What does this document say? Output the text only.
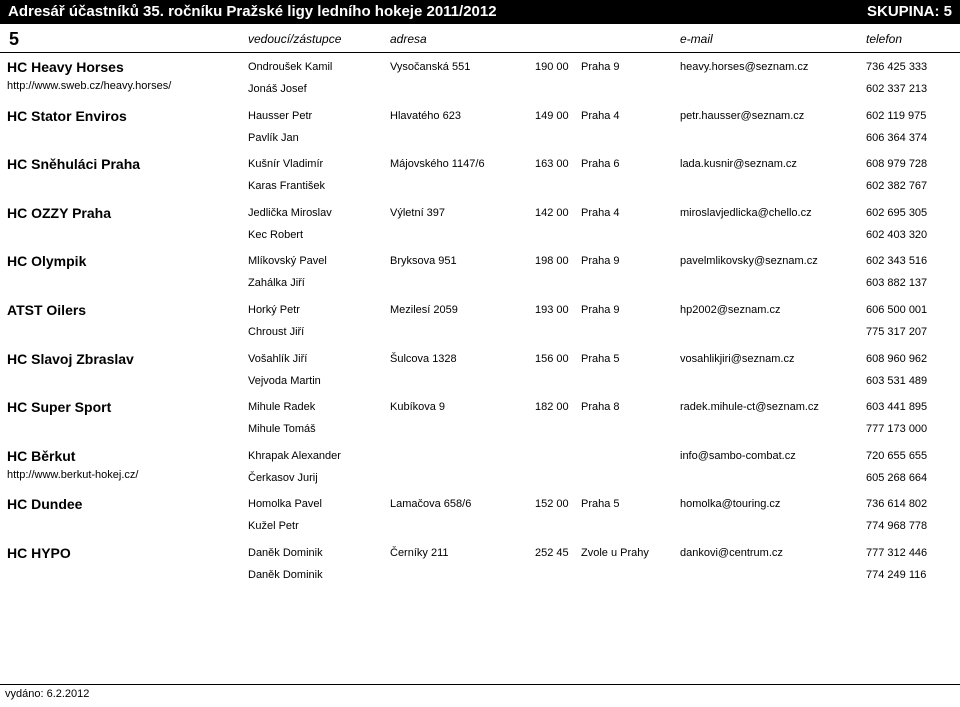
Adresář účastníků 35. ročníku Pražské ligy ledního hokeje 2011/2012	SKUPINA: 5
5	vedoucí/zástupce	adresa	e-mail	telefon
HC Heavy Horses
http://www.sweb.cz/heavy.horses/
Ondroušek Kamil	Vysočanská 551	190 00 Praha 9	heavy.horses@seznam.cz	736 425 333
Jonáš Josef	602 337 213
HC Stator Enviros	Hausser Petr	Hlavatého 623	149 00 Praha 4	petr.hausser@seznam.cz	602 119 975
Pavlík Jan	606 364 374
HC Sněhuláci Praha	Kušnír Vladimír	Májovského 1147/6	163 00 Praha 6	lada.kusnir@seznam.cz	608 979 728
Karas František	602 382 767
HC OZZY Praha	Jedlička Miroslav	Výletní 397	142 00 Praha 4	miroslavjedlicka@chello.cz	602 695 305
Kec Robert	602 403 320
HC Olympik	Mlíkovský Pavel	Bryksova 951	198 00 Praha 9	pavelmlikovsky@seznam.cz	602 343 516
Zahálka Jiří	603 882 137
ATST Oilers	Horký Petr	Mezilesí 2059	193 00 Praha 9	hp2002@seznam.cz	606 500 001
Chroust Jiří	775 317 207
HC Slavoj Zbraslav	Vošahlík Jiří	Šulcova 1328	156 00 Praha 5	vosahlikjiri@seznam.cz	608 960 962
Vejvoda Martin	603 531 489
HC Super Sport	Mihule Radek	Kubíkova 9	182 00 Praha 8	radek.mihule-ct@seznam.cz	603 441 895
Mihule Tomáš	777 173 000
HC Běrkut
http://www.berkut-hokej.cz/
Khrapak Alexander	info@sambo-combat.cz	720 655 655
Čerkasov Jurij	605 268 664
HC Dundee	Homolka Pavel	Lamačova 658/6	152 00 Praha 5	homolka@touring.cz	736 614 802
Kužel Petr	774 968 778
HC HYPO	Daněk Dominik	Černíky 211	252 45 Zvole u Prahy	dankovi@centrum.cz	777 312 446
Daněk Dominik	774 249 116
vydáno: 6.2.2012
